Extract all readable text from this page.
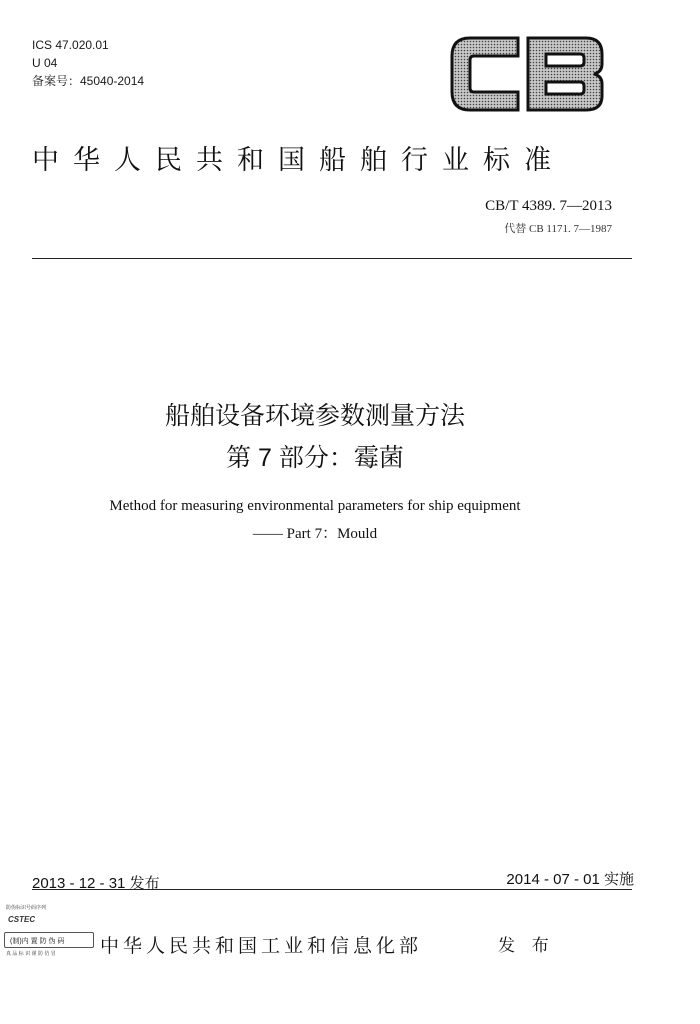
ICS 47.020.01
U 04
备案号：45040-2014
中华人民共和国船舶行业标准
CB/T 4389. 7—2013
代替 CB 1171. 7—1987
船舶设备环境参数测量方法
第 7 部分：霉菌
Method for measuring environmental parameters for ship equipment
—— Part 7：Mould
2013 - 12 - 31 发布	2014 - 07 - 01 实施
防伪标识号码序列
CSTEC
(制)内 置 防 伪 码
真 品 标 识 谨 防 仿 冒 中华人民共和国工业和信息化部	发 布
